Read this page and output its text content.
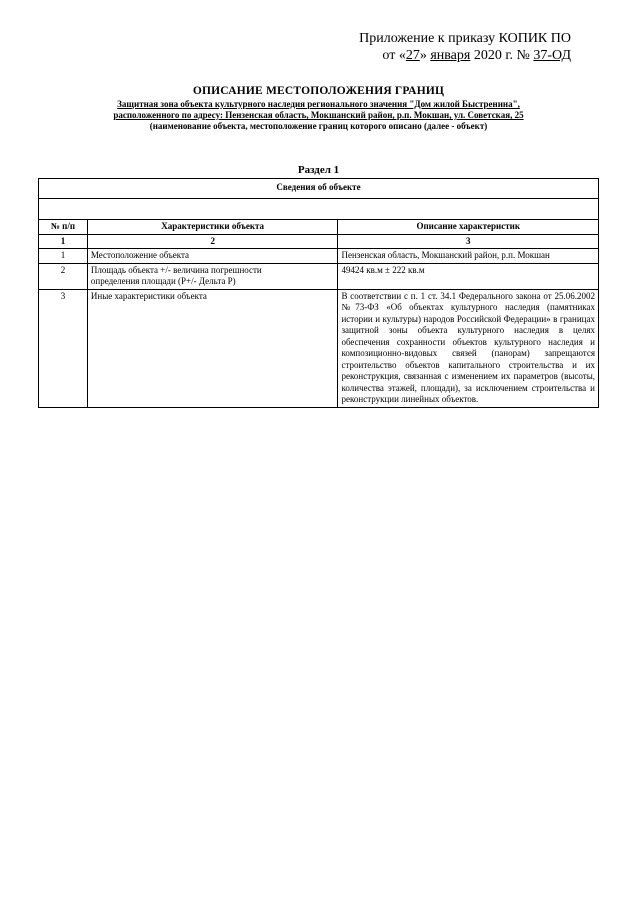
Приложение к приказу КОПИК ПО
от «27» января 2020 г. № 37-ОД
ОПИСАНИЕ МЕСТОПОЛОЖЕНИЯ ГРАНИЦ
Защитная зона объекта культурного наследия регионального значения "Дом жилой Быстренина",
расположенного по адресу: Пензенская область, Мокшанский район, р.п. Мокшан, ул. Советская, 25
(наименование объекта, местоположение границ которого описано (далее - объект)
Раздел 1
Сведения об объекте		

№ п/п	Характеристики объекта	Описание характеристик
1	2	3
1	Местоположение объекта	Пензенская область, Мокшанский район, р.п. Мокшан
2	Площадь объекта +/- величина погрешности определения площади (Р+/- Дельта Р)	49424 кв.м ± 222 кв.м
3	Иные характеристики объекта	В соответствии с п. 1 ст. 34.1 Федерального закона от 25.06.2002 №73-ФЗ «Об объектах культурного наследия (памятниках истории и культуры) народов Российской Федерации» в границах защитной зоны объекта культурного наследия в целях обеспечения сохранности объектов культурного наследия и композиционно-видовых связей (панорам) запрещаются строительство объектов капитального строительства и их реконструкция, связанная с изменением их параметров (высоты, количества этажей, площади), за исключением строительства и реконструкции линейных объектов.
